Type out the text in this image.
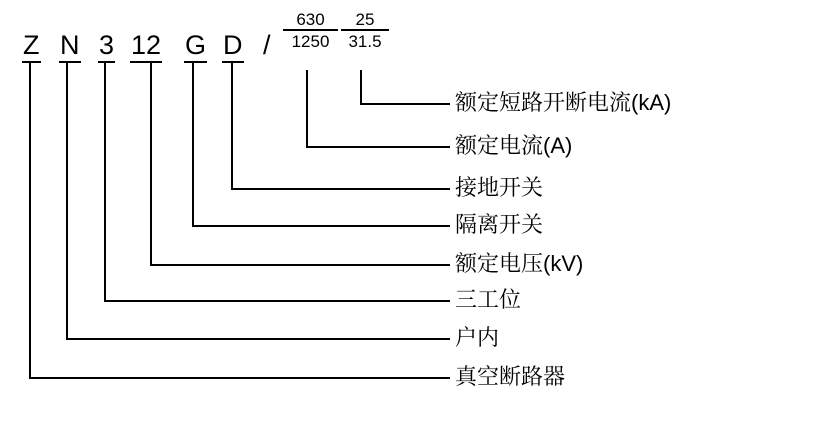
Z N 3 12 G D / $\frac{630}{1250} \frac{25}{31.5}$
额定短路开断电流(kA)
额定电流(A)
接地开关
隔离开关
额定电压(kV)
三工位
户内
真空断路器
